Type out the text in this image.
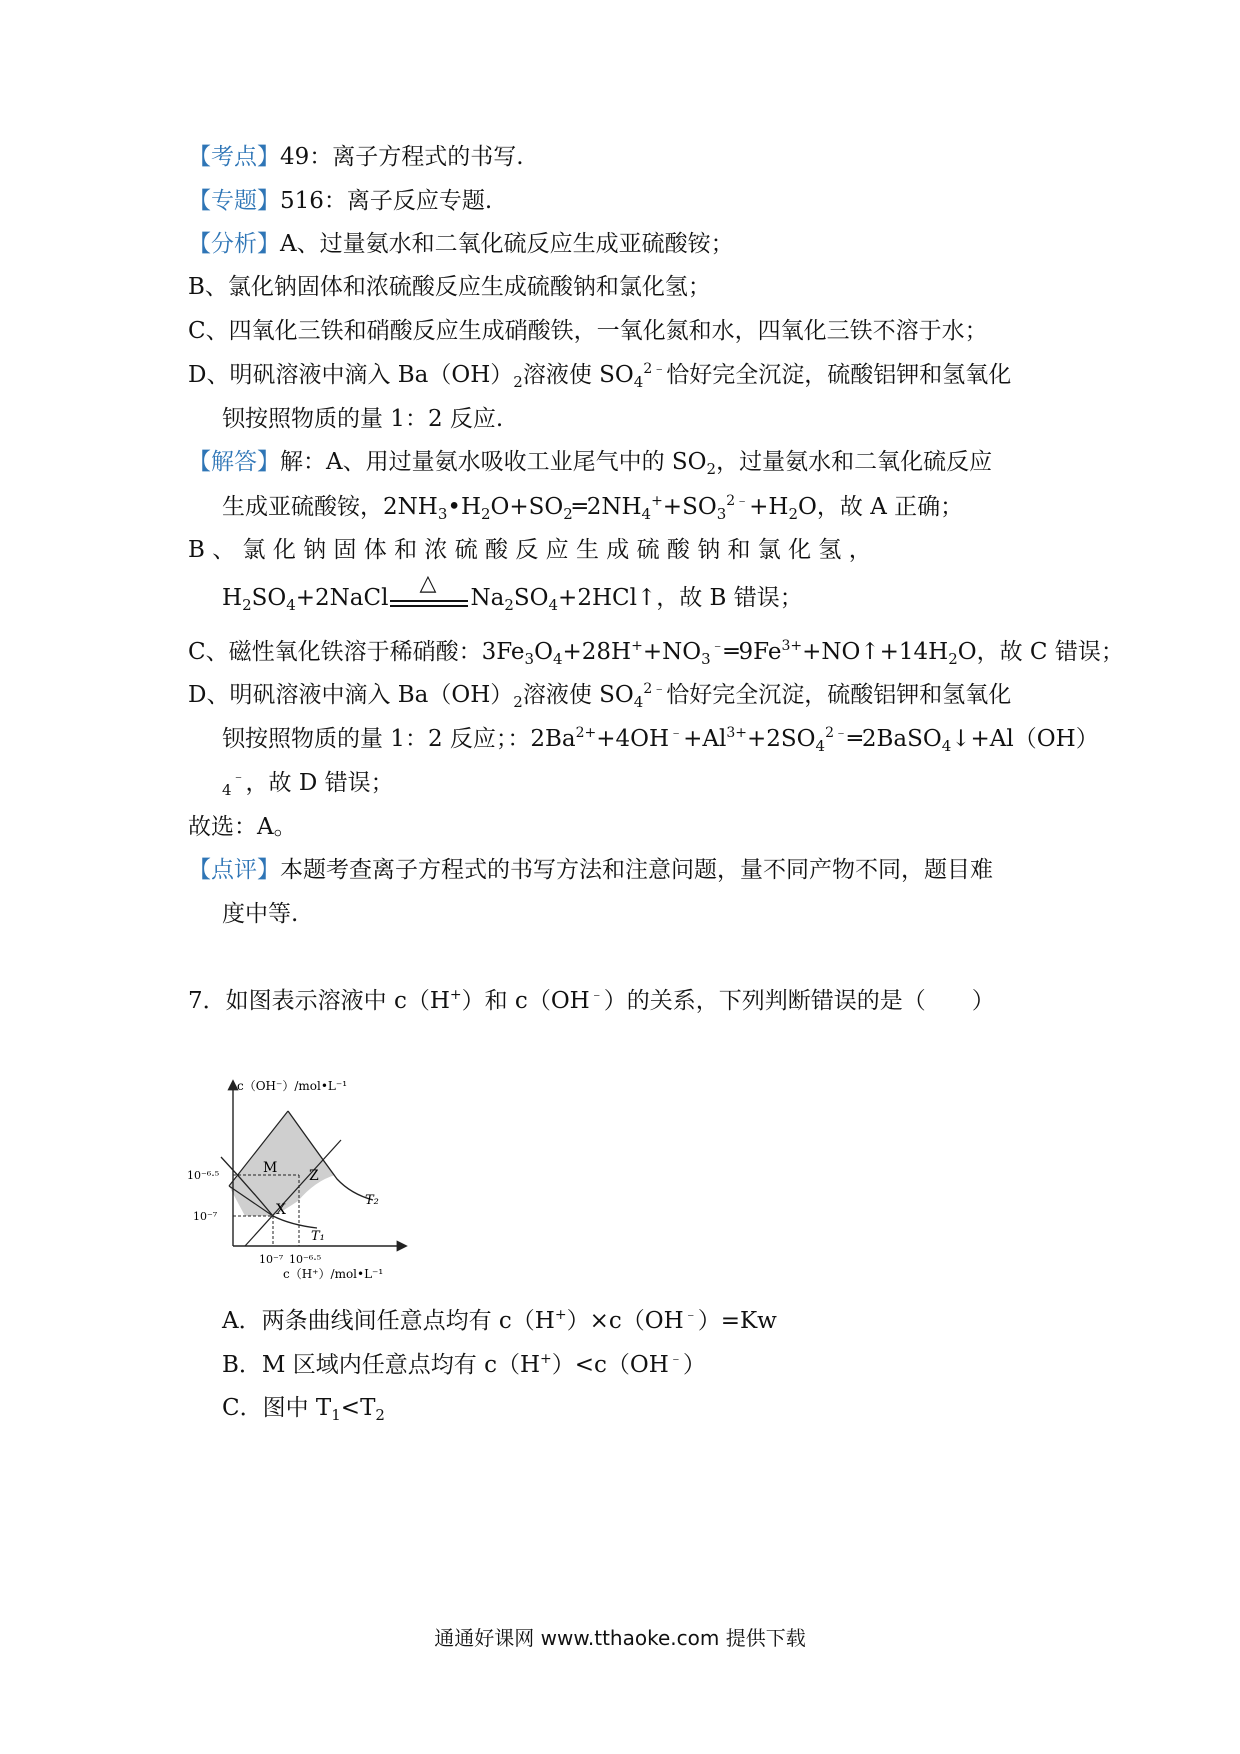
【考点】49：离子方程式的书写.
【专题】516：离子反应专题.
【分析】A、过量氨水和二氧化硫反应生成亚硫酸铵；
B、氯化钠固体和浓硫酸反应生成硫酸钠和氯化氢；
C、四氧化三铁和硝酸反应生成硝酸铁，一氧化氮和水，四氧化三铁不溶于水；
D、明矾溶液中滴入 $Ba(OH)_2$溶液使 $SO_4^{2﹣}$恰好完全沉淀，硫酸铝钾和氢氧化
钡按照物质的量 1：2 反应.
【解答】解：A、用过量氨水吸收工业尾气中的 $SO_2$，过量氨水和二氧化硫反应
生成亚硫酸铵，$2NH_3•H_2O+SO_2═2NH_4^++SO_3^{2﹣}+H_2O$，故 A 正确；
B 、 氯 化 钠 固 体 和 浓 硫 酸 反 应 生 成 硫 酸 钠 和 氯 化 氢 ，
$H_2SO_4+2NaCl$
△
$Na_2SO_4+2HCl↑$，故 B 错误；
C、磁性氧化铁溶于稀硝酸：$3Fe_3O_4+28H^++NO_3^﹣═9Fe^{3+}+NO↑+14H_2O$，故 C 错误；
D、明矾溶液中滴入 $Ba(OH)_2$溶液使 $SO_4^{2﹣}$恰好完全沉淀，硫酸铝钾和氢氧化
钡按照物质的量 1：2 反应；：$2Ba^{2+}+4OH^﹣+Al^{3+}+2SO_4^{2﹣}═2BaSO_4↓+Al(OH)$
$_4$﹣，故 D 错误；
故选：A。
【点评】本题考查离子方程式的书写方法和注意问题，量不同产物不同，题目难
度中等.
7．如图表示溶液中 c（H+）和 c（OH﹣）的关系，下列判断错误的是（　　）
c（OH⁻）/mol•L⁻¹
c（H⁺）/mol•L⁻¹
10⁻⁶·⁵
10⁻⁷
10⁻⁷ 10⁻⁶·⁵
M Z
X
T₁
T₂
A．两条曲线间任意点均有 c（H+）×c（OH﹣）=Kw
B．M 区域内任意点均有 c（H+）<c（OH﹣）
C．图中 $T_1<T_2$
通通好课网 www.tthaoke.com 提供下载
